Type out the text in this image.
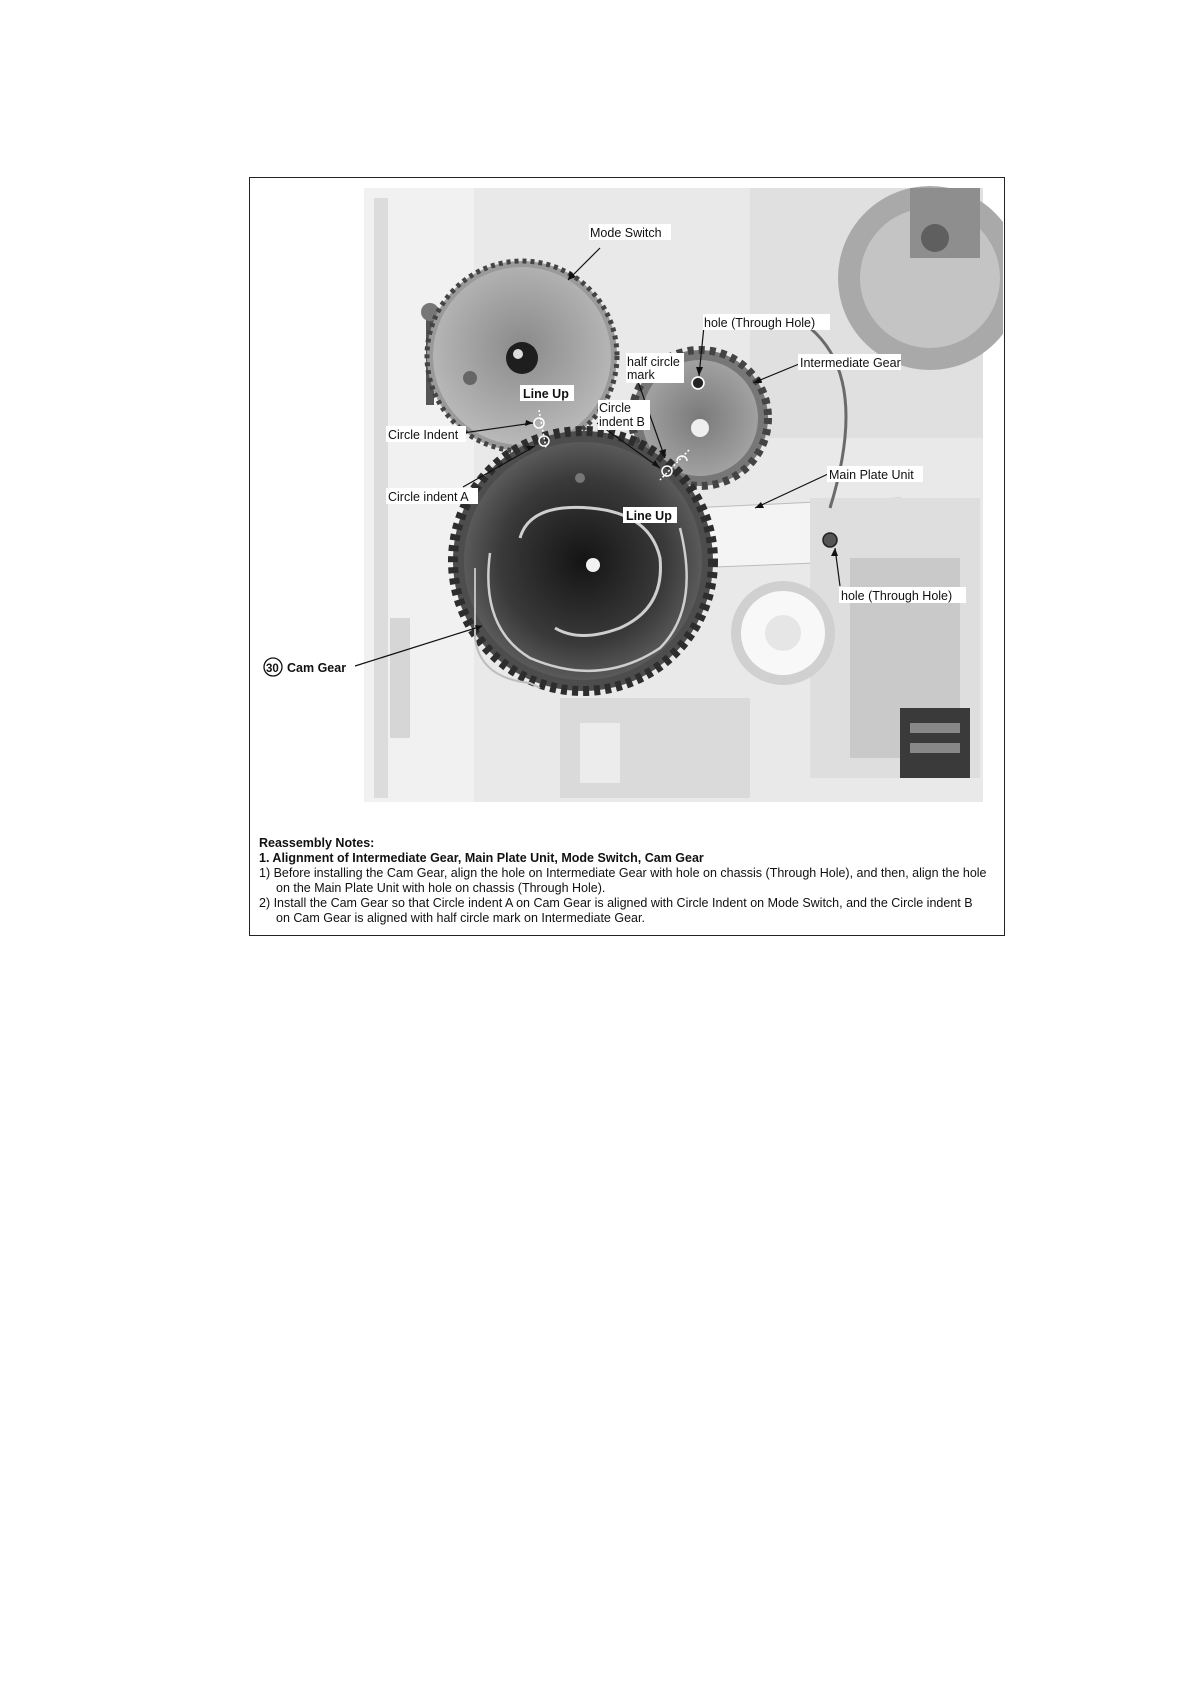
Mode Switch
hole (Through Hole)
half circle
mark
Intermediate Gear
Line Up
Circle
indent B
Circle Indent
Main Plate Unit
Circle indent A
Line Up
hole (Through Hole)
30 Cam Gear
Reassembly Notes:
1. Alignment of Intermediate Gear, Main Plate Unit, Mode Switch, Cam Gear
1) Before installing the Cam Gear, align the hole on Intermediate Gear with hole on chassis (Through Hole), and then, align the hole on the Main Plate Unit with hole on chassis (Through Hole).
2) Install the Cam Gear so that Circle indent A on Cam Gear is aligned with Circle Indent on Mode Switch, and the Circle indent B on Cam Gear is aligned with half circle mark on Intermediate Gear.
